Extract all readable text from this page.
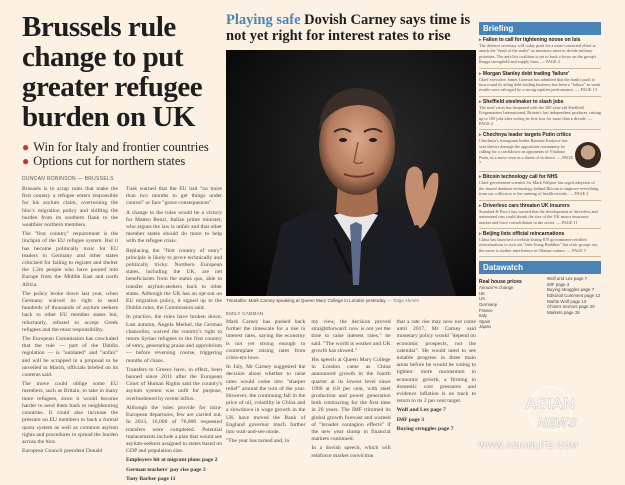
Brussels rule change to put greater refugee burden on UK
● Win for Italy and frontier countries
● Options cut for northern states
DUNCAN ROBINSON — BRUSSELS

Brussels is to scrap rules that make the first country a refugee enters responsible for his asylum claim, overturning the bloc's migration policy and shifting the burden from its southern flank to the wealthier northern members.

The "first country" requirement is the linchpin of the EU refugee system. But it has become politically toxic for EU leaders in Germany and other states criticised for failing to register and shelter the 1.2m people who have poured into Europe from the Middle East and north Africa.

The policy broke down last year, when Germany waived its right to send hundreds of thousands of asylum seekers back to other EU member states but, reluctantly, refused to accept Greek refugees and the most responsibility.

The European Commission has concluded that the rule — part of the Dublin regulation — is "outdated" and "unfair" and will be scrapped in a proposal to be unveiled in March, officials briefed on its contents said.

The move could oblige some EU members, such as Britain, to take in many more refugees, since it would become harder to send them back to neighbouring countries. It could also increase the pressure on EU members to back a formal quota system as well as common asylum rights and procedures to spread the burden across the bloc.

European Council president Donald

Tusk warned that the EU had "no more than two months to get things under control" or face "grave consequences".

A change to the rules would be a victory for Matteo Renzi, Italian prime minister, who argues the law is unfair and that other member states should do more to help with the refugee crisis.

Replacing the "first country of entry" principle is likely to prove technically and politically tricky. Northern European states, including the UK, are net beneficiaries from the status quo, able to transfer asylum-seekers back to other states. Although the UK has an opt-out on EU migration policy, it signed up to the Dublin rules, the Commission said.

In practice, the rules have broken down. Last autumn, Angela Merkel, the German chancellor, waived the country's right to return Syrian refugees to the first country of entry, generating praise and opprobrium — before reversing course, triggering months of chaos.

Transfers to Greece have, in effect, been banned since 2011 after the European Court of Human Rights said the country's asylum system was unfit for purpose, overburdened by recent influx.

Although the rules provide for intra-European departures, few are carried out. In 2013, 16,000 of 76,000 requested transfers were completed. Potential replacements include a plan that would see asylum-seekers assigned to states based on GDP and population size.

Employers hit at migrant plans page 2

German teachers' pay rise page 3

Tony Barber page 11

Playing safe Dovish Carney says time is not yet right for interest rates to rise
Timetable: Mark Carney speaking at Queen Mary College in London yesterday — Tolga Akmen
EMILY CADMAN

Mark Carney has pushed back further the timescale for a rise in interest rates, saying the economy is not yet strong enough to contemplate raising rates from crisis-era lows.

In July, Mr Carney suggested the decision about whether to raise rates would come into "sharper relief" around the turn of the year. However, the continuing fall in the price of oil, volatility in China and a slowdown in wage growth in the UK have moved the Bank of England governor much further into wait-and-see mode.

"The year has turned and, in

my view, the decision proved straightforward: now is not yet the time to raise interest rates," he said. "The world is weaker and UK growth has slowed."

His speech at Queen Mary College in London came as China announced growth in the fourth quarter at its lowest level since 1990 at 6.8 per cent, with steel production and power generation both contracting for the first time in 20 years. The IMF trimmed its global growth forecast and warned of "broader contagion effects" if the new year slump in financial markets continued.

In a dovish speech, which will reinforce market conviction

that a rate rise may now not come until 2017, Mr Carney said monetary policy would "depend on economic prospects, not the calendar". He would need to see notable progress in three main areas before he would be voting to tighten: more momentum in economic growth, a firming in domestic cost pressures and evidence inflation is on track to return to its 2 per cent target.

Wolf and Lex page 7

IMF page 3

Buying struggles page 7

Briefing
▸ Fallon to call for tightening noose on Isis
The defence secretary will today push for a more concerted effort to attack the "head of the snake" as ministers meet to decide military priorities. The anti-Isis coalition is set to back a focus on the group's Raqqa stronghold and supply lines. — PAGE 2
▸ Morgan Stanley debt trading 'failure'
Chief executive James Gorman has admitted that the bank's push to turn round its ailing debt-trading business has been a "failure" as weak results were salvaged by a strong equities performance. — PAGE 13
▸ Sheffield steelmaker to slash jobs
The steel crisis has deepened with the 300-year-old Sheffield Forgemasters International, Britain's last independent producer, cutting up to 100 jobs after seeing its first loss for more than a decade. — PAGE 4
▸ Chechnya leader targets Putin critics
Chechnya's strongman leader Ramzan Kadyrov has sent shivers through the opposition community by calling for a crackdown on opponents of Vladimir Putin, in a move seen as a threat of violence. — PAGE 7
▸ Bitcoin technology call for NHS
Chief government scientist Sir Mark Walport has urged adoption of the shared database technology behind Bitcoin to improve everything from tax collection to the running of health records. — PAGE 2
▸ Driverless cars threaten UK insurers
Standard & Poor's has warned that the development of driverless and automated cars could shrink the size of the UK motor insurance market and force consolidation in the sector. — PAGE 11
▸ Beijing lists official reincarnations
China has launched a website listing 870 government-certified reincarnations to root out "fake living Buddhas" but critic groups say the move is further interference in Tibetan culture. — PAGE 5
Datawatch
Real house prices
Annual % change
UK
US
Germany
France
Italy
Spain
Japan
Wolf and Lex page 7
IMF page 3
Buying struggles page 7
Editorial Comment page 12
Martin Wolf page 13
China's tremors page 20
Markets page 25
ASIAN
NEWS
WWW.ASIANLITE.COM
